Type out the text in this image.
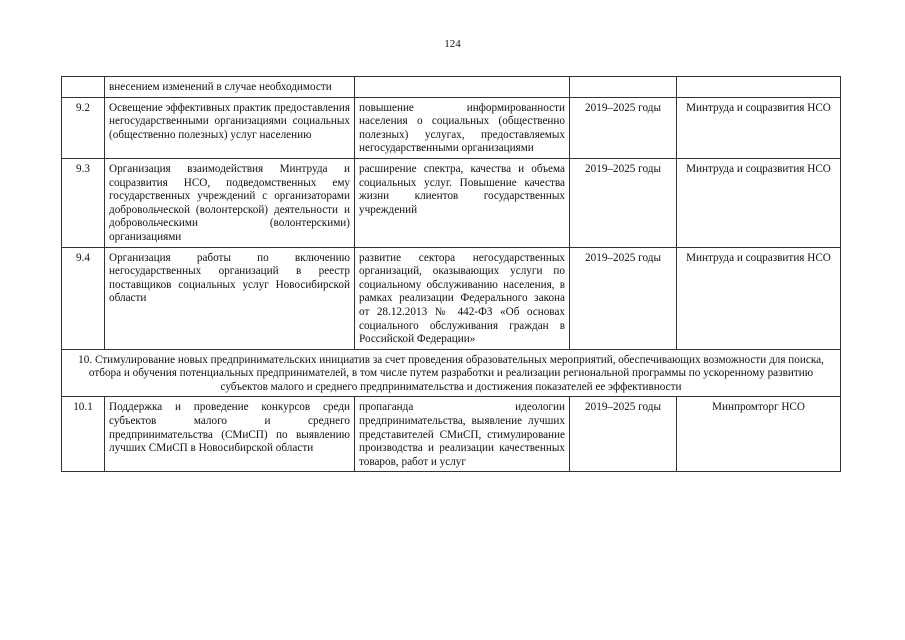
124
	внесением изменений в случае необходимости			
9.2	Освещение эффективных практик предоставления негосударственными организациями социальных (общественно полезных) услуг населению	повышение информированности населения о социальных (общественно полезных) услугах, предоставляемых негосударственными организациями	2019–2025 годы	Минтруда и соцразвития НСО
9.3	Организация взаимодействия Минтруда и соцразвития НСО, подведомственных ему государственных учреждений с организаторами добровольческой (волонтерской) деятельности и добровольческими (волонтерскими) организациями	расширение спектра, качества и объема социальных услуг. Повышение качества жизни клиентов государственных учреждений	2019–2025 годы	Минтруда и соцразвития НСО
9.4	Организация работы по включению негосударственных организаций в реестр поставщиков социальных услуг Новосибирской области	развитие сектора негосударственных организаций, оказывающих услуги по социальному обслуживанию населения, в рамках реализации Федерального закона от 28.12.2013 № 442-ФЗ «Об основах социального обслуживания граждан в Российской Федерации»	2019–2025 годы	Минтруда и соцразвития НСО
10. Стимулирование новых предпринимательских инициатив за счет проведения образовательных мероприятий, обеспечивающих возможности для поиска, отбора и обучения потенциальных предпринимателей, в том числе путем разработки и реализации региональной программы по ускоренному развитию субъектов малого и среднего предпринимательства и достижения показателей ее эффективности				
10.1	Поддержка и проведение конкурсов среди субъектов малого и среднего предпринимательства (СМиСП) по выявлению лучших СМиСП в Новосибирской области	пропаганда идеологии предпринимательства, выявление лучших представителей СМиСП, стимулирование производства и реализации качественных товаров, работ и услуг	2019–2025 годы	Минпромторг НСО
